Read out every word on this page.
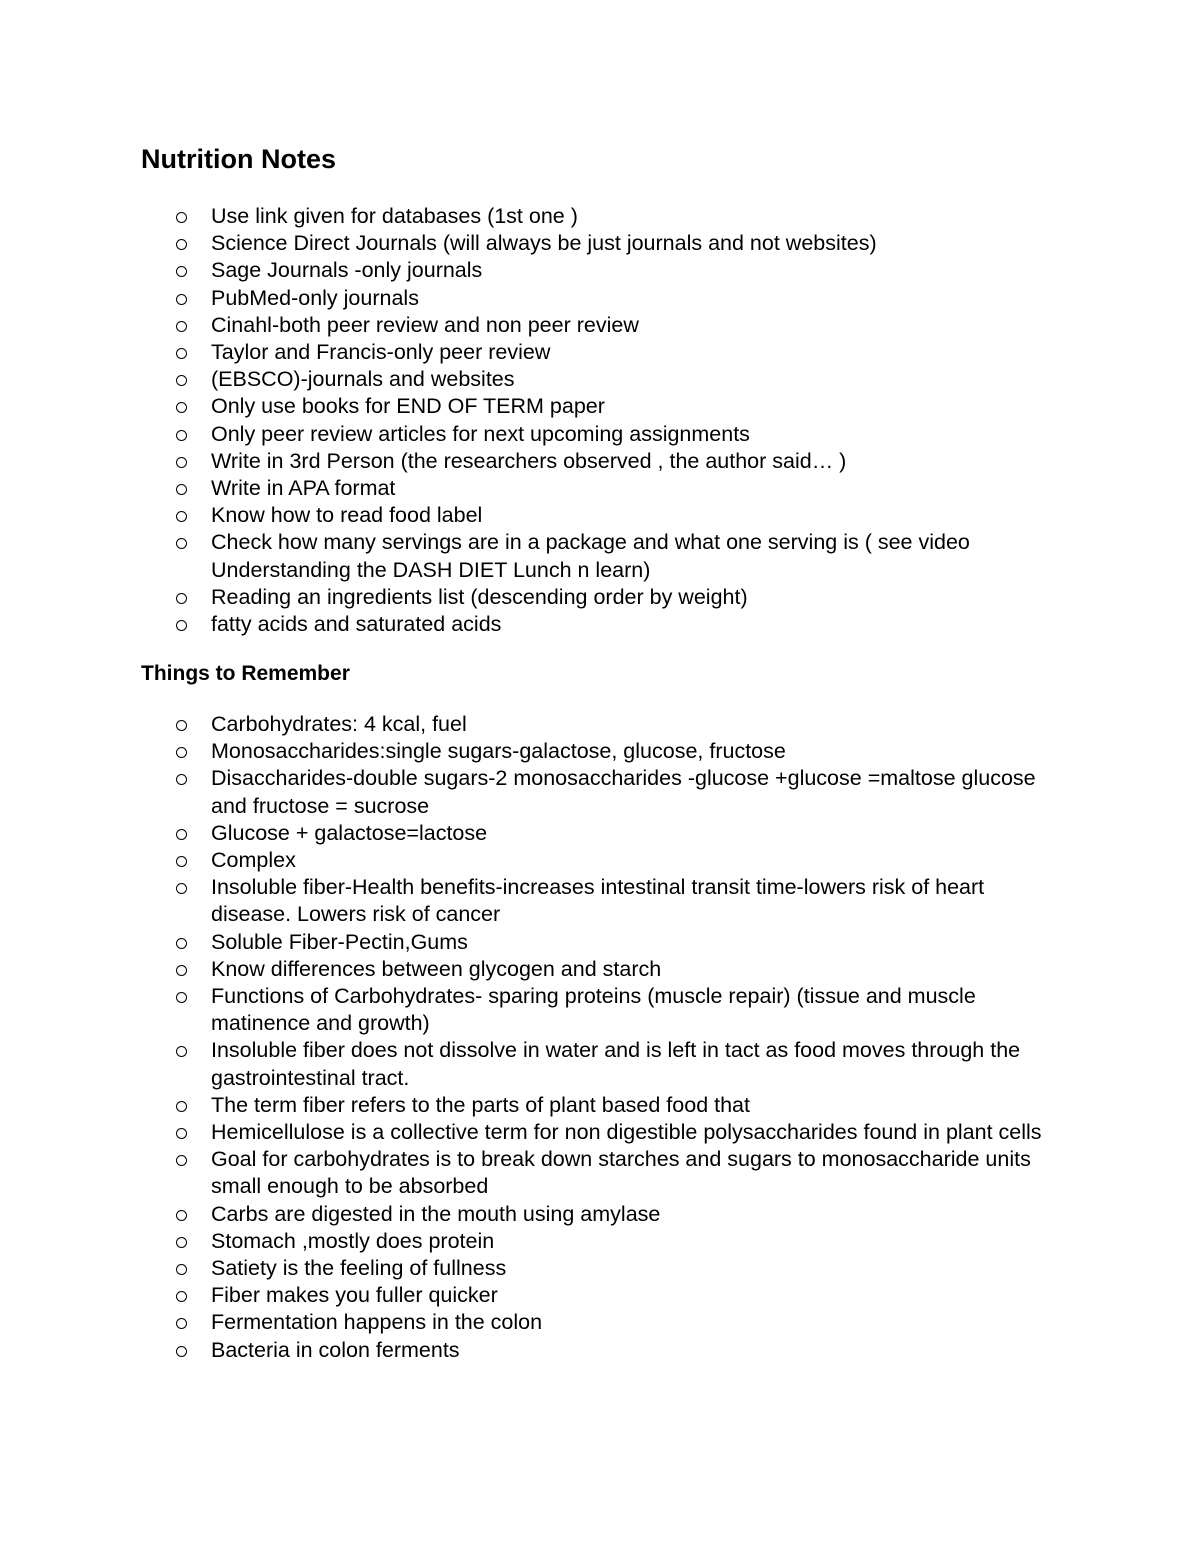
Nutrition Notes
Use link given for databases (1st one )
Science Direct Journals (will always be just journals and not websites)
Sage Journals -only journals
PubMed-only journals
Cinahl-both peer review and non peer review
Taylor and Francis-only peer review
(EBSCO)-journals and websites
Only use books for END OF TERM paper
Only peer review articles for next upcoming assignments
Write in 3rd Person (the researchers observed , the author said… )
Write in APA format
Know how to read food label
Check how many servings are in a package and what one serving is ( see video Understanding the DASH DIET Lunch n learn)
Reading an ingredients list (descending order by weight)
fatty acids and saturated acids
Things to Remember
Carbohydrates: 4 kcal, fuel
Monosaccharides:single sugars-galactose, glucose, fructose
Disaccharides-double sugars-2 monosaccharides -glucose +glucose =maltose glucose and fructose = sucrose
Glucose + galactose=lactose
Complex
Insoluble fiber-Health benefits-increases intestinal transit time-lowers risk of heart disease. Lowers risk of cancer
Soluble Fiber-Pectin,Gums
Know differences between glycogen and starch
Functions of Carbohydrates- sparing proteins (muscle repair) (tissue and muscle matinence and growth)
Insoluble fiber does not dissolve in water and is left in tact as food moves through the gastrointestinal tract.
The term fiber refers to the parts of plant based food that
Hemicellulose is a collective term for non digestible polysaccharides found in plant cells
Goal for carbohydrates is to break down starches and sugars to monosaccharide units small enough to be absorbed
Carbs are digested in the mouth using amylase
Stomach ,mostly does protein
Satiety is the feeling of fullness
Fiber makes you fuller quicker
Fermentation happens in the colon
Bacteria in colon ferments
